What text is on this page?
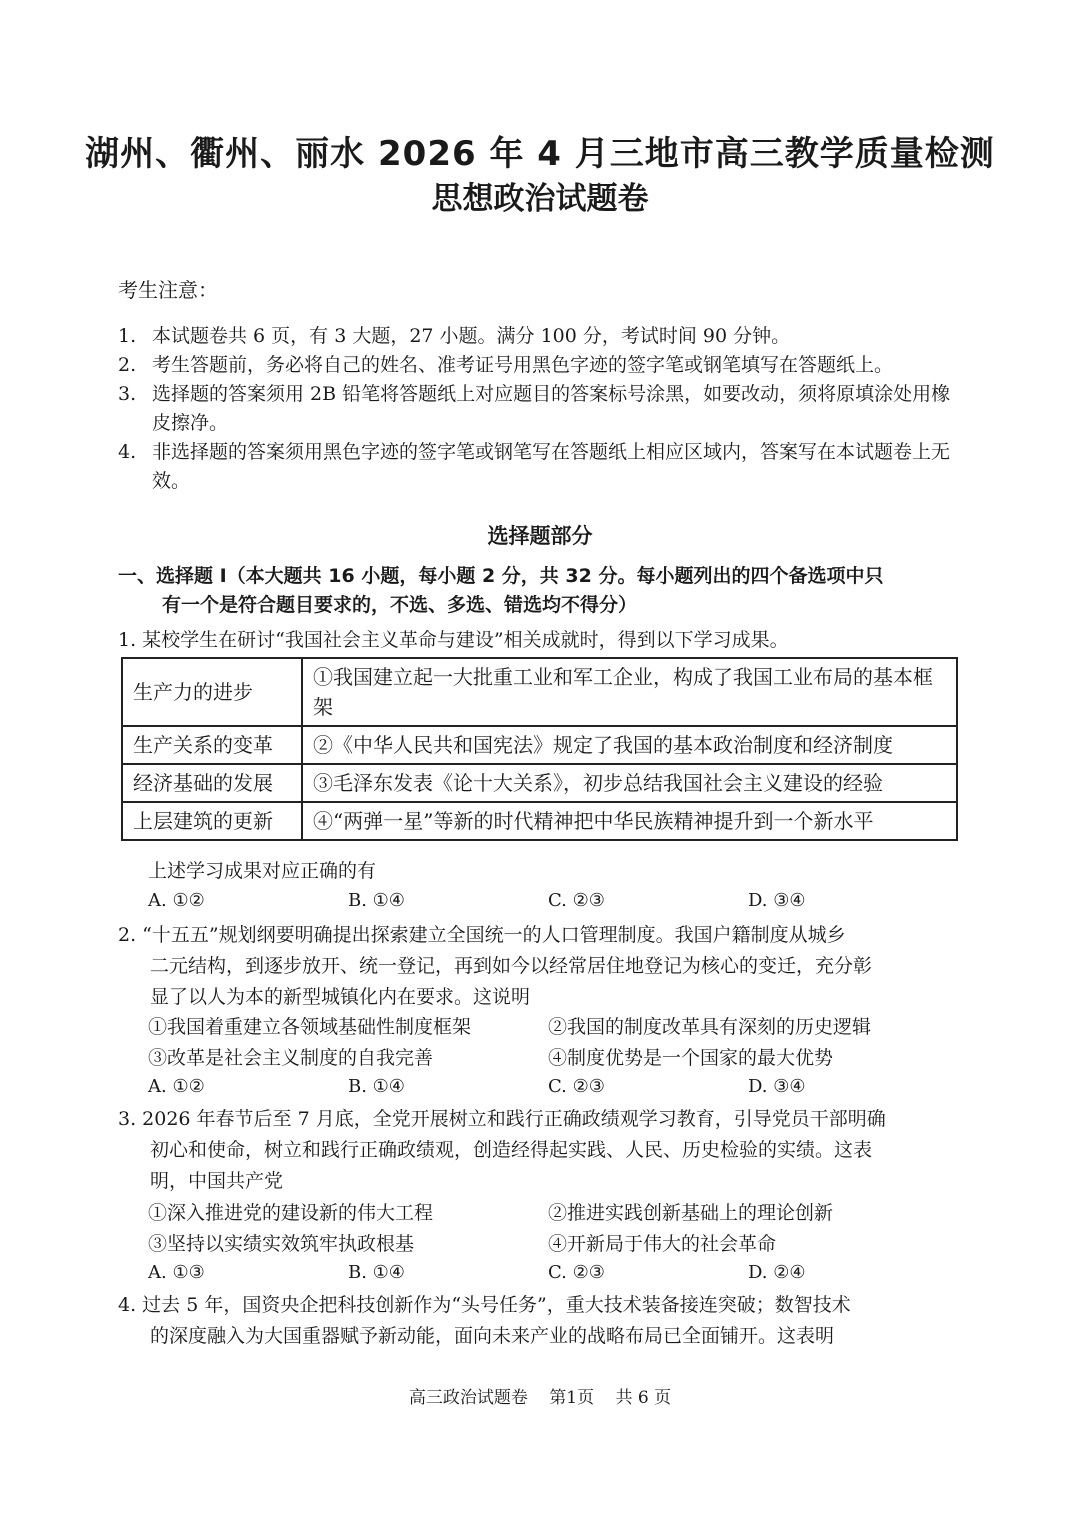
湖州、衢州、丽水 2026 年 4 月三地市高三教学质量检测
思想政治试题卷
考生注意：
1. 本试题卷共 6 页，有 3 大题，27 小题。满分 100 分，考试时间 90 分钟。
2. 考生答题前，务必将自己的姓名、准考证号用黑色字迹的签字笔或钢笔填写在答题纸上。
3. 选择题的答案须用 2B 铅笔将答题纸上对应题目的答案标号涂黑，如要改动，须将原填涂处用橡皮擦净。
4. 非选择题的答案须用黑色字迹的签字笔或钢笔写在答题纸上相应区域内，答案写在本试题卷上无效。
选择题部分
一、选择题 I（本大题共 16 小题，每小题 2 分，共 32 分。每小题列出的四个备选项中只
有一个是符合题目要求的，不选、多选、错选均不得分）
1. 某校学生在研讨“我国社会主义革命与建设”相关成就时，得到以下学习成果。
生产力的进步	①我国建立起一大批重工业和军工企业，构成了我国工业布局的基本框架
生产关系的变革	②《中华人民共和国宪法》规定了我国的基本政治制度和经济制度
经济基础的发展	③毛泽东发表《论十大关系》，初步总结我国社会主义建设的经验
上层建筑的更新	④“两弹一星”等新的时代精神把中华民族精神提升到一个新水平
上述学习成果对应正确的有
A. ①②	B. ①④	C. ②③	D. ③④
2. “十五五”规划纲要明确提出探索建立全国统一的人口管理制度。我国户籍制度从城乡
二元结构，到逐步放开、统一登记，再到如今以经常居住地登记为核心的变迁，充分彰
显了以人为本的新型城镇化内在要求。这说明
①我国着重建立各领域基础性制度框架	②我国的制度改革具有深刻的历史逻辑
③改革是社会主义制度的自我完善	④制度优势是一个国家的最大优势
A. ①②	B. ①④	C. ②③	D. ③④
3. 2026 年春节后至 7 月底，全党开展树立和践行正确政绩观学习教育，引导党员干部明确
初心和使命，树立和践行正确政绩观，创造经得起实践、人民、历史检验的实绩。这表
明，中国共产党
①深入推进党的建设新的伟大工程	②推进实践创新基础上的理论创新
③坚持以实绩实效筑牢执政根基	④开新局于伟大的社会革命
A. ①③	B. ①④	C. ②③	D. ②④
4. 过去 5 年，国资央企把科技创新作为“头号任务”，重大技术装备接连突破；数智技术
的深度融入为大国重器赋予新动能，面向未来产业的战略布局已全面铺开。这表明
高三政治试题卷 第1页 共 6 页
